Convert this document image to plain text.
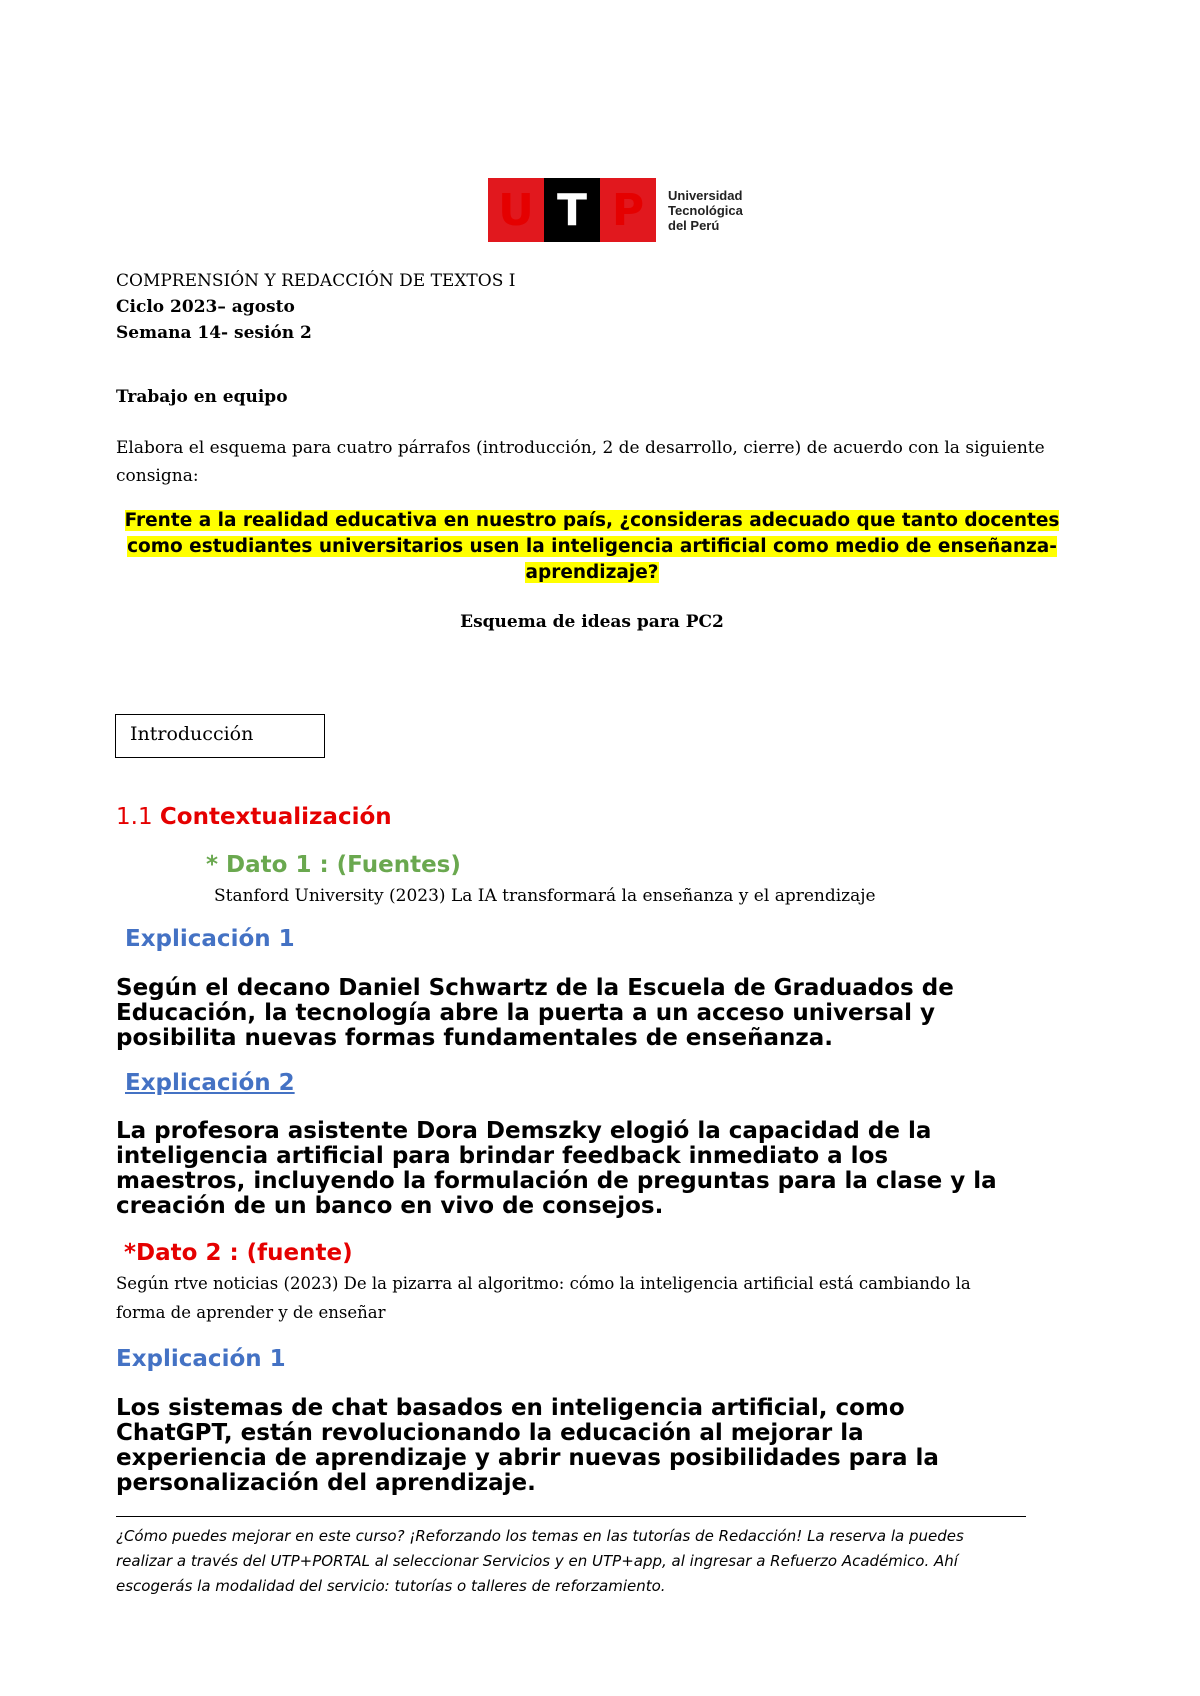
U T P	Universidad
Tecnológica
del Perú
COMPRENSIÓN Y REDACCIÓN DE TEXTOS I
Ciclo 2023– agosto
Semana 14- sesión 2
Trabajo en equipo
Elabora el esquema para cuatro párrafos (introducción, 2 de desarrollo, cierre) de acuerdo con la siguiente consigna:
Frente a la realidad educativa en nuestro país, ¿consideras adecuado que tanto docentes
como estudiantes universitarios usen la inteligencia artificial como medio de enseñanza-
aprendizaje?
Esquema de ideas para PC2
Introducción
1.1 Contextualización
* Dato 1 : (Fuentes)
Stanford University (2023) La IA transformará la enseñanza y el aprendizaje
Explicación 1
Según el decano Daniel Schwartz de la Escuela de Graduados de
Educación, la tecnología abre la puerta a un acceso universal y
posibilita nuevas formas fundamentales de enseñanza.
Explicación 2
La profesora asistente Dora Demszky elogió la capacidad de la
inteligencia artificial para brindar feedback inmediato a los
maestros, incluyendo la formulación de preguntas para la clase y la
creación de un banco en vivo de consejos.
*Dato 2 : (fuente)
Según rtve noticias (2023) De la pizarra al algoritmo: cómo la inteligencia artificial está cambiando la
forma de aprender y de enseñar
Explicación 1
Los sistemas de chat basados en inteligencia artificial, como
ChatGPT, están revolucionando la educación al mejorar la
experiencia de aprendizaje y abrir nuevas posibilidades para la
personalización del aprendizaje.
¿Cómo puedes mejorar en este curso? ¡Reforzando los temas en las tutorías de Redacción! La reserva la puedes
realizar a través del UTP+PORTAL al seleccionar Servicios y en UTP+app, al ingresar a Refuerzo Académico. Ahí
escogerás la modalidad del servicio: tutorías o talleres de reforzamiento.
